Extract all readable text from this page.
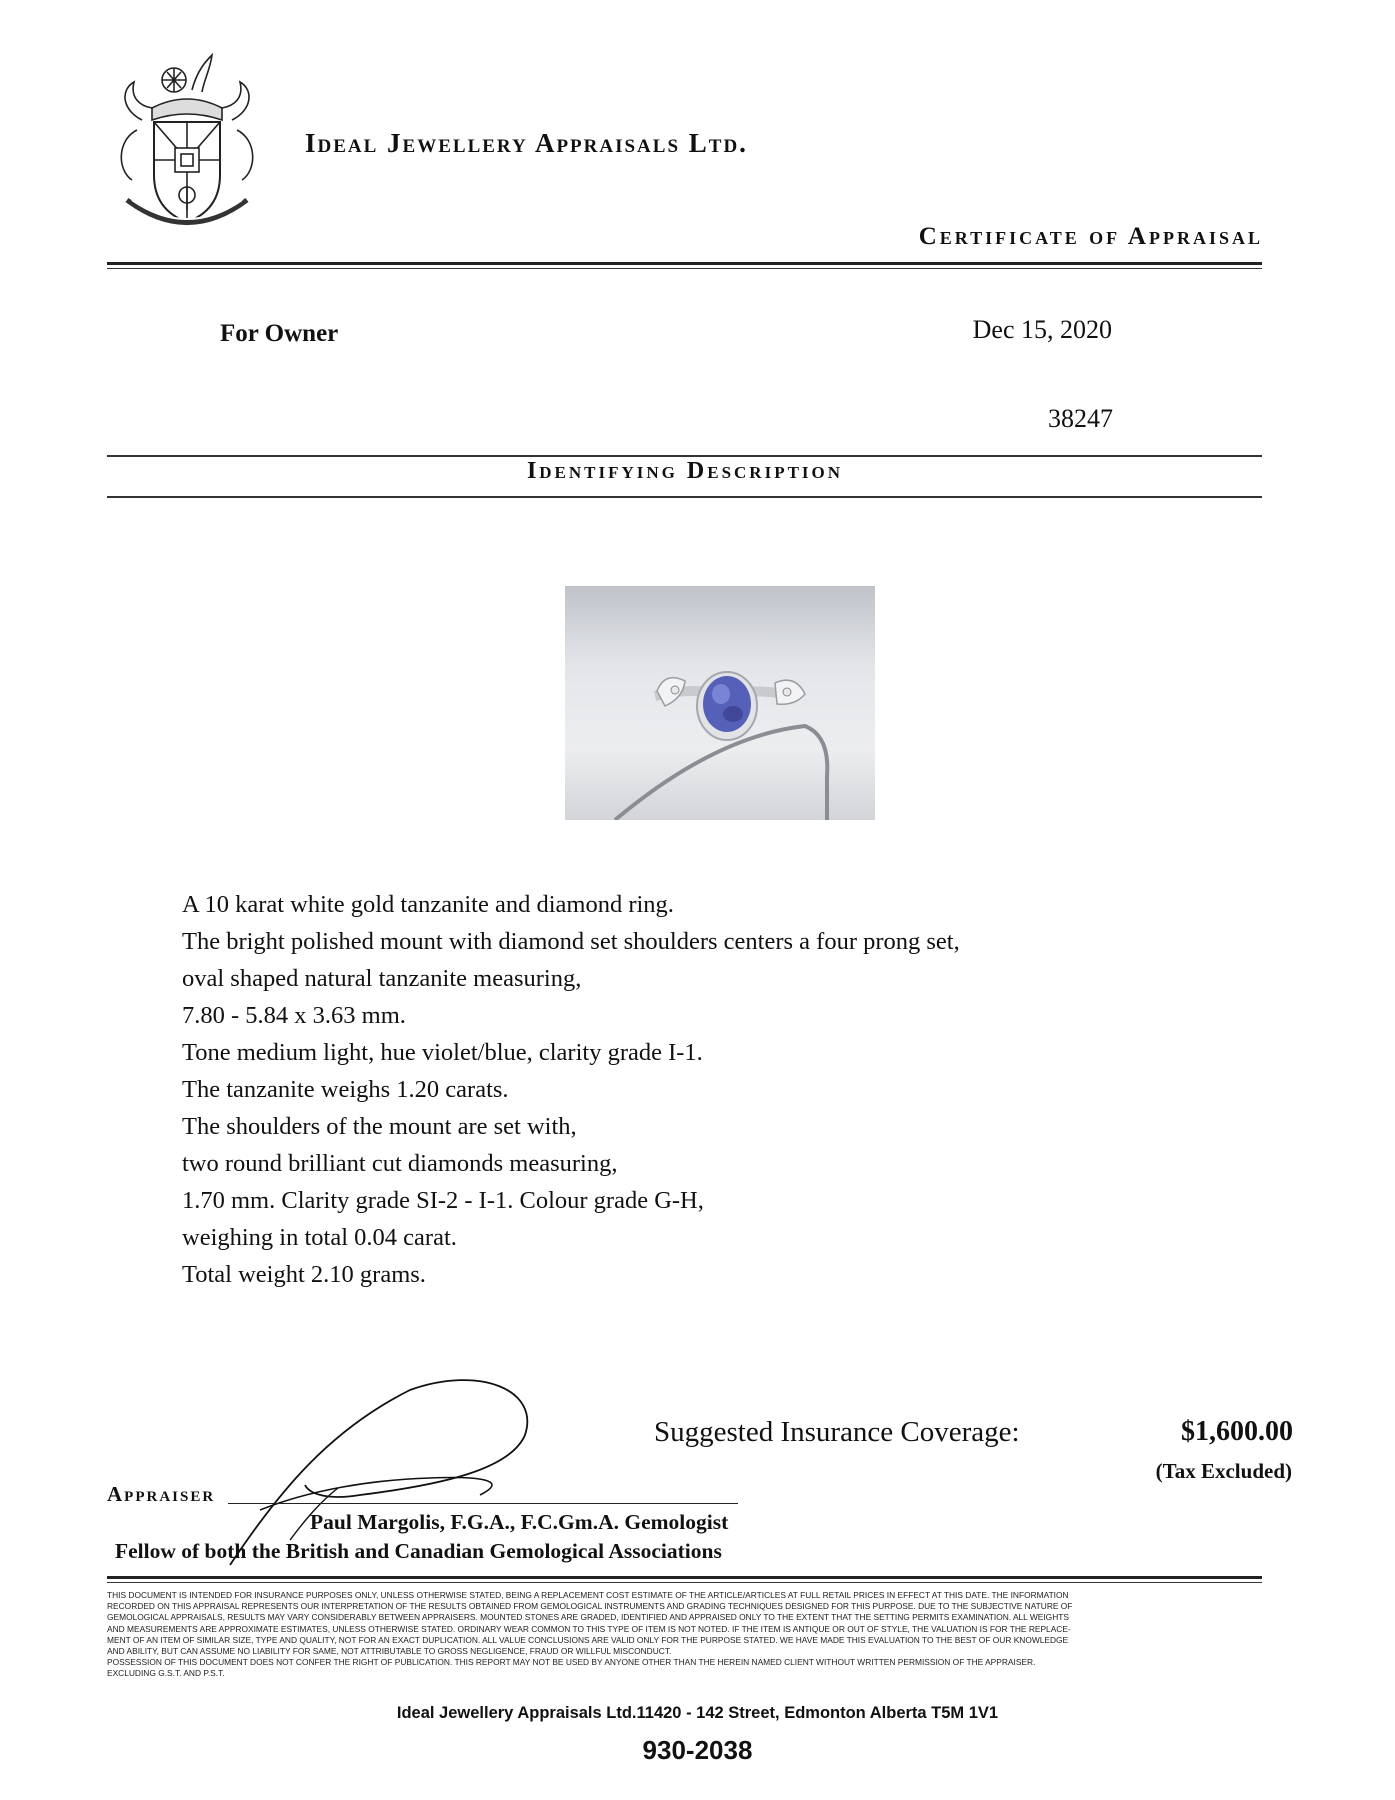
Ideal Jewellery Appraisals Ltd.
Certificate of Appraisal
For Owner	Dec 15, 2020
38247
Identifying Description
A 10 karat white gold tanzanite and diamond ring.
The bright polished mount with diamond set shoulders centers a four prong set,
oval shaped natural tanzanite measuring,
7.80 - 5.84 x 3.63 mm.
Tone medium light, hue violet/blue, clarity grade I-1.
The tanzanite weighs 1.20 carats.
The shoulders of the mount are set with,
two round brilliant cut diamonds measuring,
1.70 mm. Clarity grade SI-2 - I-1. Colour grade G-H,
weighing in total 0.04 carat.
Total weight 2.10 grams.
Suggested Insurance Coverage:	$1,600.00
(Tax Excluded)
Appraiser
Paul Margolis, F.G.A., F.C.Gm.A. Gemologist
Fellow of both the British and Canadian Gemological Associations
THIS DOCUMENT IS INTENDED FOR INSURANCE PURPOSES ONLY, UNLESS OTHERWISE STATED, BEING A REPLACEMENT COST ESTIMATE OF THE ARTICLE/ARTICLES AT FULL RETAIL PRICES IN EFFECT AT THIS DATE. THE INFORMATION
RECORDED ON THIS APPRAISAL REPRESENTS OUR INTERPRETATION OF THE RESULTS OBTAINED FROM GEMOLOGICAL INSTRUMENTS AND GRADING TECHNIQUES DESIGNED FOR THIS PURPOSE. DUE TO THE SUBJECTIVE NATURE OF
GEMOLOGICAL APPRAISALS, RESULTS MAY VARY CONSIDERABLY BETWEEN APPRAISERS. MOUNTED STONES ARE GRADED, IDENTIFIED AND APPRAISED ONLY TO THE EXTENT THAT THE SETTING PERMITS EXAMINATION. ALL WEIGHTS
AND MEASUREMENTS ARE APPROXIMATE ESTIMATES, UNLESS OTHERWISE STATED. ORDINARY WEAR COMMON TO THIS TYPE OF ITEM IS NOT NOTED. IF THE ITEM IS ANTIQUE OR OUT OF STYLE, THE VALUATION IS FOR THE REPLACE-
MENT OF AN ITEM OF SIMILAR SIZE, TYPE AND QUALITY, NOT FOR AN EXACT DUPLICATION. ALL VALUE CONCLUSIONS ARE VALID ONLY FOR THE PURPOSE STATED. WE HAVE MADE THIS EVALUATION TO THE BEST OF OUR KNOWLEDGE
AND ABILITY, BUT CAN ASSUME NO LIABILITY FOR SAME, NOT ATTRIBUTABLE TO GROSS NEGLIGENCE, FRAUD OR WILLFUL MISCONDUCT.
POSSESSION OF THIS DOCUMENT DOES NOT CONFER THE RIGHT OF PUBLICATION. THIS REPORT MAY NOT BE USED BY ANYONE OTHER THAN THE HEREIN NAMED CLIENT WITHOUT WRITTEN PERMISSION OF THE APPRAISER.
EXCLUDING G.S.T. AND P.S.T.
Ideal Jewellery Appraisals Ltd.11420 - 142 Street, Edmonton Alberta T5M 1V1
930-2038
